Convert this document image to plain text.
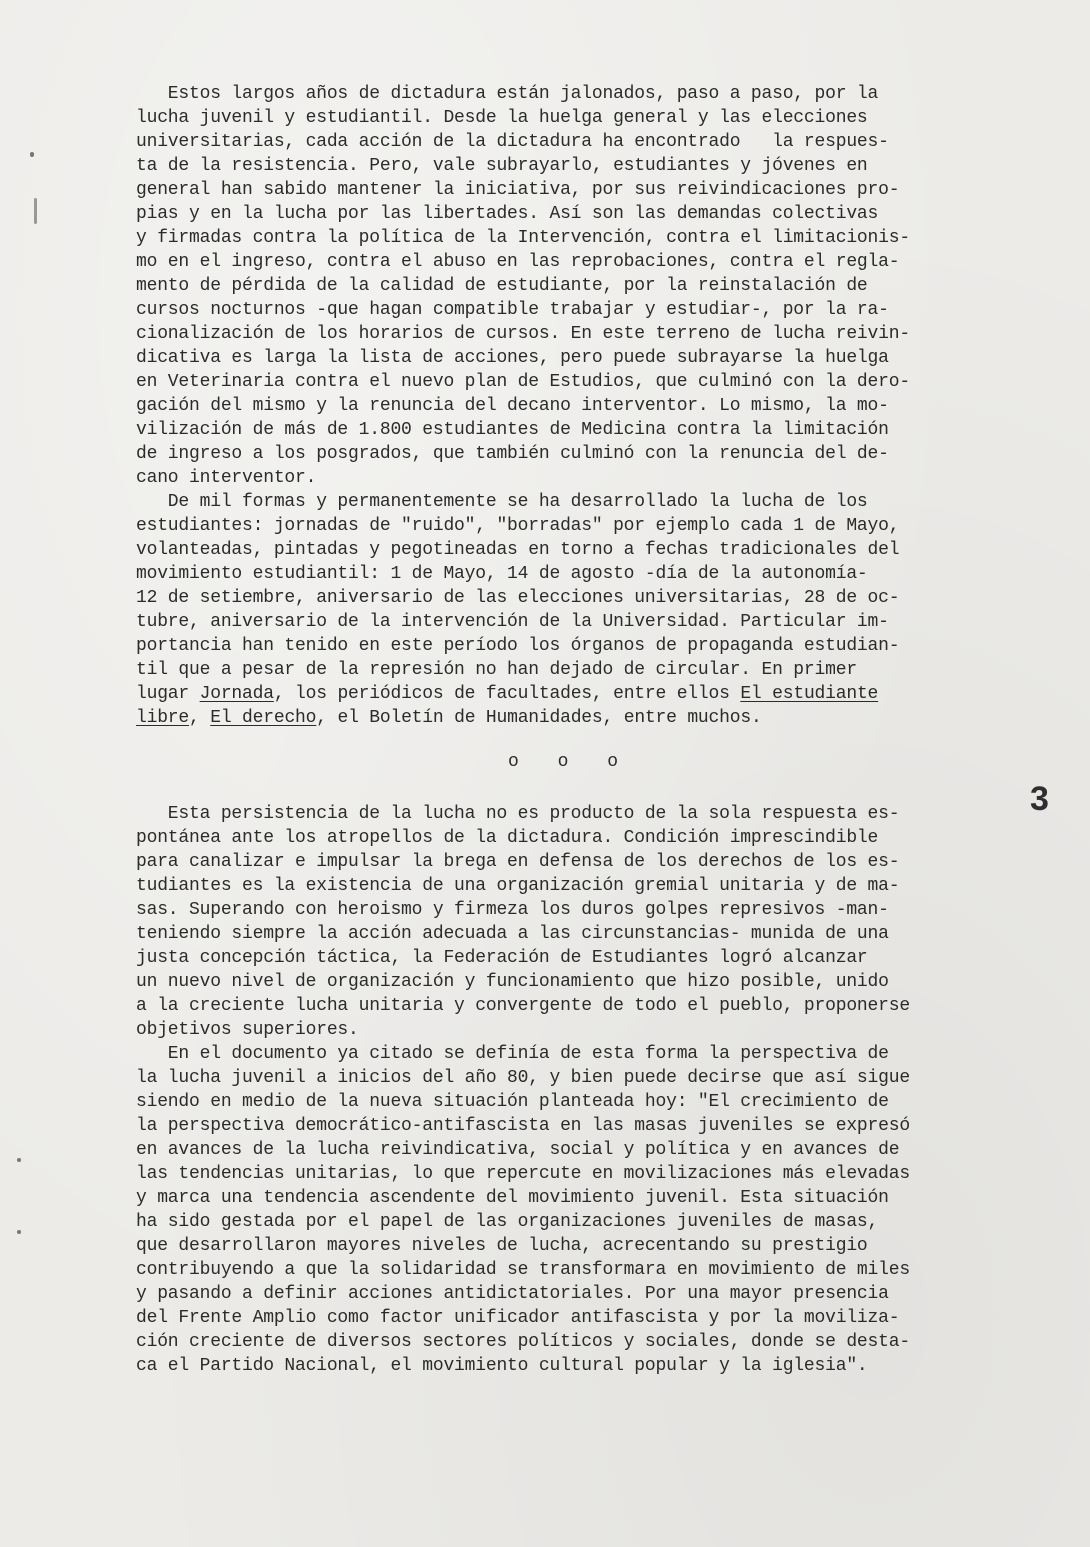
Estos largos años de dictadura están jalonados, paso a paso, por la
lucha juvenil y estudiantil. Desde la huelga general y las elecciones
universitarias, cada acción de la dictadura ha encontrado   la respues-
ta de la resistencia. Pero, vale subrayarlo, estudiantes y jóvenes en
general han sabido mantener la iniciativa, por sus reivindicaciones pro-
pias y en la lucha por las libertades. Así son las demandas colectivas
y firmadas contra la política de la Intervención, contra el limitacionis-
mo en el ingreso, contra el abuso en las reprobaciones, contra el regla-
mento de pérdida de la calidad de estudiante, por la reinstalación de
cursos nocturnos -que hagan compatible trabajar y estudiar-, por la ra-
cionalización de los horarios de cursos. En este terreno de lucha reivin-
dicativa es larga la lista de acciones, pero puede subrayarse la huelga
en Veterinaria contra el nuevo plan de Estudios, que culminó con la dero-
gación del mismo y la renuncia del decano interventor. Lo mismo, la mo-
vilización de más de 1.800 estudiantes de Medicina contra la limitación
de ingreso a los posgrados, que también culminó con la renuncia del de-
cano interventor.
De mil formas y permanentemente se ha desarrollado la lucha de los
estudiantes: jornadas de "ruido", "borradas" por ejemplo cada 1 de Mayo,
volanteadas, pintadas y pegotineadas en torno a fechas tradicionales del
movimiento estudiantil: 1 de Mayo, 14 de agosto -día de la autonomía-
12 de setiembre, aniversario de las elecciones universitarias, 28 de oc-
tubre, aniversario de la intervención de la Universidad. Particular im-
portancia han tenido en este período los órganos de propaganda estudian-
til que a pesar de la represión no han dejado de circular. En primer
lugar Jornada, los periódicos de facultades, entre ellos El estudiante
libre, El derecho, el Boletín de Humanidades, entre muchos.
o o o
3
Esta persistencia de la lucha no es producto de la sola respuesta es-
pontánea ante los atropellos de la dictadura. Condición imprescindible
para canalizar e impulsar la brega en defensa de los derechos de los es-
tudiantes es la existencia de una organización gremial unitaria y de ma-
sas. Superando con heroismo y firmeza los duros golpes represivos -man-
teniendo siempre la acción adecuada a las circunstancias- munida de una
justa concepción táctica, la Federación de Estudiantes logró alcanzar
un nuevo nivel de organización y funcionamiento que hizo posible, unido
a la creciente lucha unitaria y convergente de todo el pueblo, proponerse
objetivos superiores.
En el documento ya citado se definía de esta forma la perspectiva de
la lucha juvenil a inicios del año 80, y bien puede decirse que así sigue
siendo en medio de la nueva situación planteada hoy: "El crecimiento de
la perspectiva democrático-antifascista en las masas juveniles se expresó
en avances de la lucha reivindicativa, social y política y en avances de
las tendencias unitarias, lo que repercute en movilizaciones más elevadas
y marca una tendencia ascendente del movimiento juvenil. Esta situación
ha sido gestada por el papel de las organizaciones juveniles de masas,
que desarrollaron mayores niveles de lucha, acrecentando su prestigio
contribuyendo a que la solidaridad se transformara en movimiento de miles
y pasando a definir acciones antidictatoriales. Por una mayor presencia
del Frente Amplio como factor unificador antifascista y por la moviliza-
ción creciente de diversos sectores políticos y sociales, donde se desta-
ca el Partido Nacional, el movimiento cultural popular y la iglesia".
